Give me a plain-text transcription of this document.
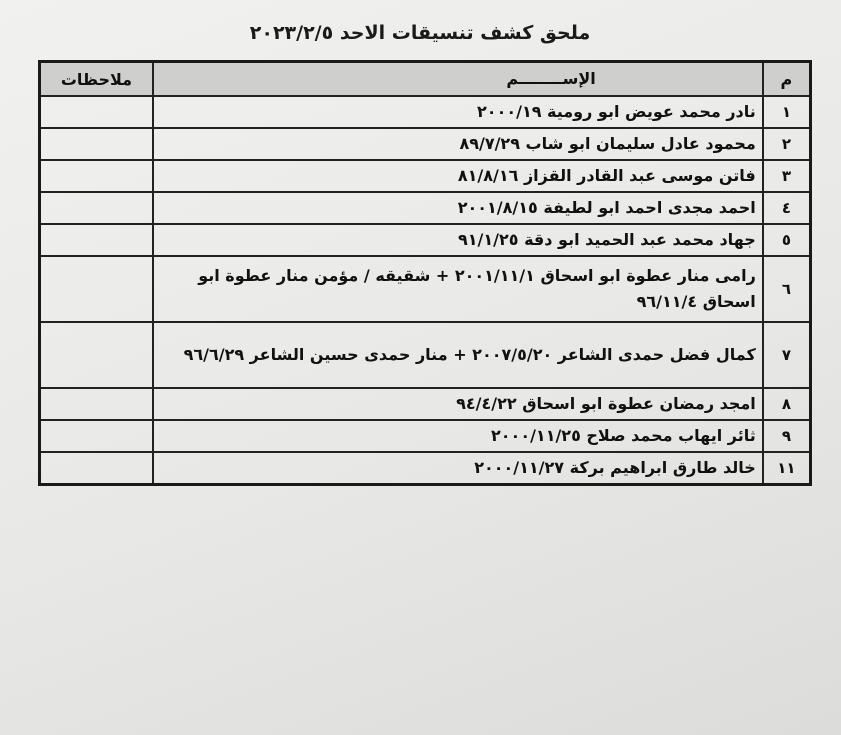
ملحق كشف تنسيقات الاحد ٢٠٢٣/٢/٥
م	الإســــــــم	ملاحظات
١	نادر محمد عويض ابو رومية ٢٠٠٠/١٩	
٢	محمود عادل سليمان ابو شاب ٨٩/٧/٢٩	
٣	فاتن موسى عبد القادر القزاز ٨١/٨/١٦	
٤	احمد مجدى احمد ابو لطيفة ٢٠٠١/٨/١٥	
٥	جهاد محمد عبد الحميد ابو دقة ٩١/١/٢٥	
٦	رامى منار عطوة ابو اسحاق ٢٠٠١/١١/١ + شقيقه / مؤمن منار عطوة ابو اسحاق ٩٦/١١/٤	
٧	كمال فضل حمدى الشاعر ٢٠٠٧/٥/٢٠ + منار حمدى حسين الشاعر ٩٦/٦/٢٩	
٨	امجد رمضان عطوة ابو اسحاق ٩٤/٤/٢٢	
٩	ثائر ايهاب محمد صلاح ٢٠٠٠/١١/٢٥	
١١	خالد طارق ابراهيم بركة ٢٠٠٠/١١/٢٧	
